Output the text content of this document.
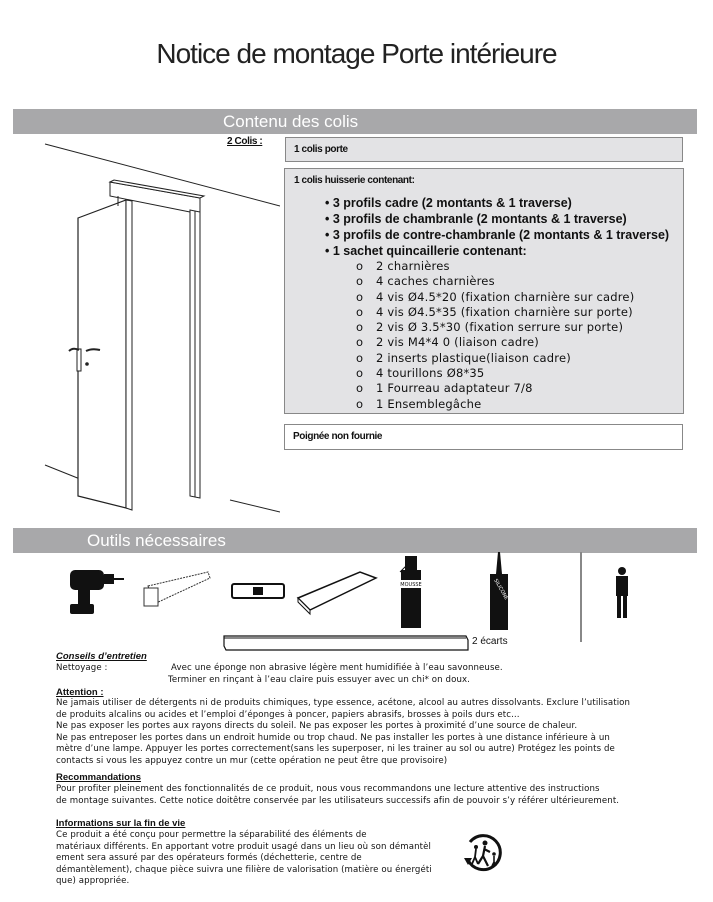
Notice de montage Porte intérieure
Contenu des colis
2 Colis :
1 colis porte
1 colis huisserie contenant:
• 3 profils cadre (2 montants & 1 traverse)
• 3 profils de chambranle (2 montants & 1 traverse)
• 3 profils de contre-chambranle (2 montants & 1 traverse)
• 1 sachet quincaillerie contenant:
o 2 charnières
o 4 caches charnières
o 4 vis Ø4.5*20 (fixation charnière sur cadre)
o 4 vis Ø4.5*35 (fixation charnière sur porte)
o 2 vis Ø 3.5*30 (fixation serrure sur porte)
o 2 vis M4*4 0 (liaison cadre)
o 2 inserts plastique(liaison cadre)
o 4 tourillons Ø8*35
o 1 Fourreau adaptateur 7/8
o 1 Ensemblegâche
Poignée non fournie
Outils nécessaires
MOUSSE	SILICONE
2 écarts
Conseils d’entretien
Nettoyage :	Avec une éponge non abrasive légère ment humidifiée à l’eau savonneuse.
Terminer en rinçant à l’eau claire puis essuyer avec un chi* on doux.
Attention :
Ne jamais utiliser de détergents ni de produits chimiques, type essence, acétone, alcool au autres dissolvants. Exclure l’utilisation
de produits alcalins ou acides et l’emploi d’éponges à poncer, papiers abrasifs, brosses à poils durs etc…
Ne pas exposer les portes aux rayons directs du soleil. Ne pas exposer les portes à proximité d’une source de chaleur.
Ne pas entreposer les portes dans un endroit humide ou trop chaud. Ne pas installer les portes à une distance inférieure à un
mètre d’une lampe. Appuyer les portes correctement(sans les superposer, ni les trainer au sol ou autre) Protégez les points de
contacts si vous les appuyez contre un mur (cette opération ne peut être que provisoire)
Recommandations
Pour profiter pleinement des fonctionnalités de ce produit, nous vous recommandons une lecture attentive des instructions
de montage suivantes. Cette notice doitêtre conservée par les utilisateurs successifs afin de pouvoir s’y référer ultérieurement.
Informations sur la fin de vie
Ce produit a été conçu pour permettre la séparabilité des éléments de
matériaux différents. En apportant votre produit usagé dans un lieu où son démantèl
ement sera assuré par des opérateurs formés (déchetterie, centre de
démantèlement), chaque pièce suivra une filière de valorisation (matière ou énergéti
que) appropriée.
